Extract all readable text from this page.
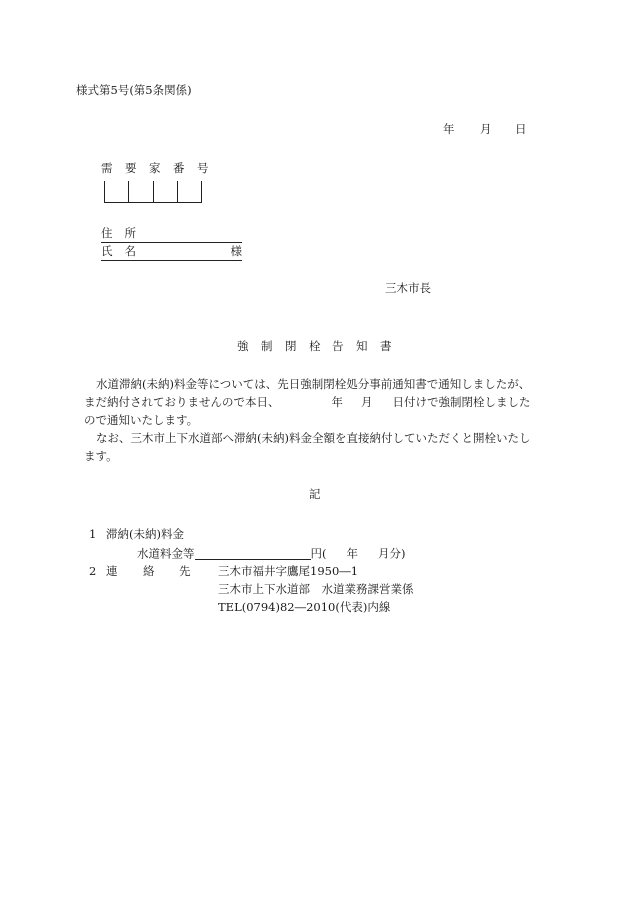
様式第5号(第5条関係)
年 月 日
需 要 家 番 号
住 所
氏 名	様
三木市長
強 制 閉 栓 告 知 書
水道滞納(未納)料金等については、先日強制閉栓処分事前通知書で通知しましたが、
まだ納付されておりませんので本日、	年 月 日付けで強制閉栓しました
ので通知いたします。
なお、三木市上下水道部へ滞納(未納)料金全額を直接納付していただくと開栓いたし
ます。
記
1 滞納(未納)料金
水道料金等	円( 年 月分)
2 連 絡 先 三木市福井字鷹尾1950―1
三木市上下水道部　水道業務課営業係
TEL(0794)82―2010(代表)内線
